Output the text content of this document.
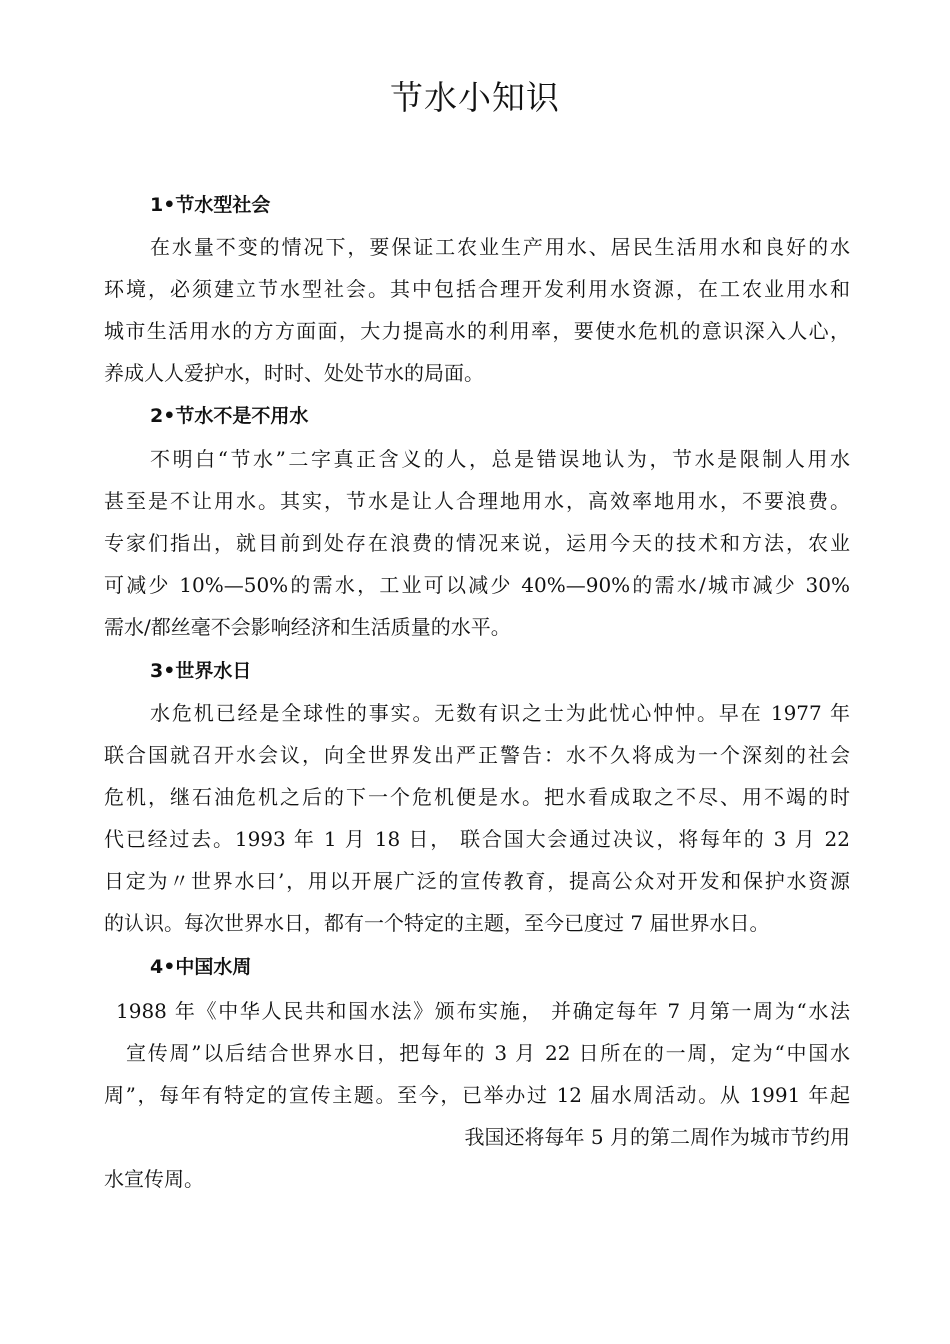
节水小知识
1•节水型社会
在水量不变的情况下，要保证工农业生产用水、居民生活用水和良好的水
环境，必须建立节水型社会。其中包括合理开发利用水资源，在工农业用水和
城市生活用水的方方面面，大力提高水的利用率，要使水危机的意识深入人心，
养成人人爱护水，时时、处处节水的局面。
2•节水不是不用水
不明白“节水”二字真正含义的人，总是错误地认为，节水是限制人用水
甚至是不让用水。其实，节水是让人合理地用水，高效率地用水，不要浪费。
专家们指出，就目前到处存在浪费的情况来说，运用今天的技术和方法，农业
可减少 10%—50%的需水，工业可以减少 40%—90%的需水/城市减少 30%
需水/都丝毫不会影响经济和生活质量的水平。
3•世界水日
水危机已经是全球性的事实。无数有识之士为此忧心忡忡。早在 1977 年
联合国就召开水会议，向全世界发出严正警告：水不久将成为一个深刻的社会
危机，继石油危机之后的下一个危机便是水。把水看成取之不尽、用不竭的时
代已经过去。1993 年 1 月 18 日， 联合国大会通过决议，将每年的 3 月 22
日定为〃世界水曰’，用以开展广泛的宣传教育，提高公众对开发和保护水资源
的认识。每次世界水日，都有一个特定的主题，至今已度过 7 届世界水日。
4•中国水周
1988 年《中华人民共和国水法》颁布实施， 并确定每年 7 月第一周为“水法
宣传周”以后结合世界水日，把每年的 3 月 22 日所在的一周，定为“中国水
周”，每年有特定的宣传主题。至今，已举办过 12 届水周活动。从 1991 年起
我国还将每年 5 月的第二周作为城市节约用
水宣传周。
